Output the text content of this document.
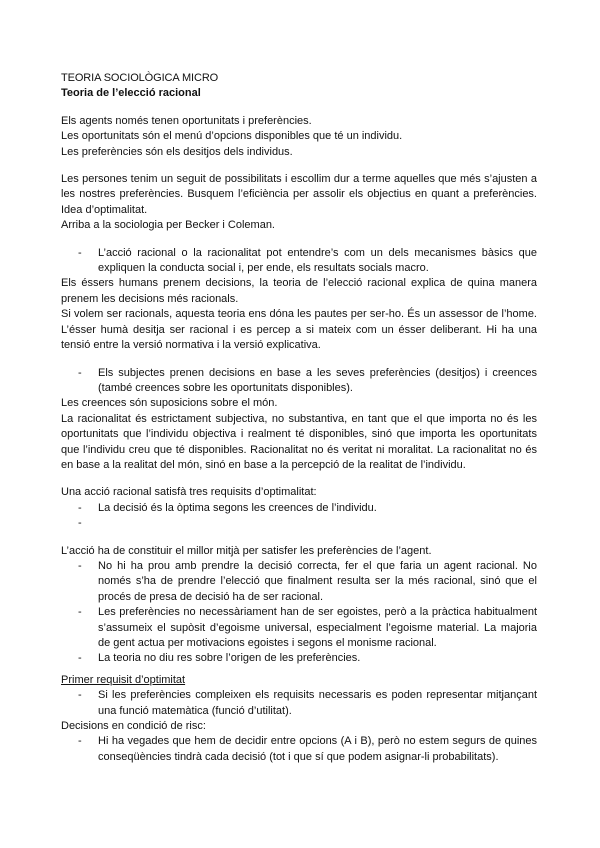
TEORIA SOCIOLÒGICA MICRO

Teoria de l’elecció racional

Els agents només tenen oportunitats i preferències.

Les oportunitats són el menú d’opcions disponibles que té un individu.

Les preferències són els desitjos dels individus.

Les persones tenim un seguit de possibilitats i escollim dur a terme aquelles que més s’ajusten a les nostres preferències. Busquem l’eficiència per assolir els objectius en quant a preferències. Idea d’optimalitat.

Arriba a la sociologia per Becker i Coleman.

- L’acció racional o la racionalitat pot entendre’s com un dels mecanismes bàsics que expliquen la conducta social i, per ende, els resultats socials macro.

Els éssers humans prenem decisions, la teoria de l’elecció racional explica de quina manera prenem les decisions més racionals.

Si volem ser racionals, aquesta teoria ens dóna les pautes per ser-ho. És un assessor de l’home. L’ésser humà desitja ser racional i es percep a si mateix com un ésser deliberant. Hi ha una tensió entre la versió normativa i la versió explicativa.

- Els subjectes prenen decisions en base a les seves preferències (desitjos) i creences (també creences sobre les oportunitats disponibles).

Les creences són suposicions sobre el món.

La racionalitat és estrictament subjectiva, no substantiva, en tant que el que importa no és les oportunitats que l’individu objectiva i realment té disponibles, sinó que importa les oportunitats que l’individu creu que té disponibles. Racionalitat no és veritat ni moralitat. La racionalitat no és en base a la realitat del món, sinó en base a la percepció de la realitat de l’individu.

Una acció racional satisfà tres requisits d’optimalitat:

- La decisió és la òptima segons les creences de l’individu.
-

L’acció ha de constituir el millor mitjà per satisfer les preferències de l’agent.

- No hi ha prou amb prendre la decisió correcta, fer el que faria un agent racional. No només s’ha de prendre l’elecció que finalment resulta ser la més racional, sinó que el procés de presa de decisió ha de ser racional.
- Les preferències no necessàriament han de ser egoistes, però a la pràctica habitualment s’assumeix el supòsit d’egoisme universal, especialment l’egoisme material. La majoria de gent actua per motivacions egoistes i segons el monisme racional.
- La teoria no diu res sobre l’origen de les preferències.

Primer requisit d’optimitat

- Si les preferències compleixen els requisits necessaris es poden representar mitjançant una funció matemàtica (funció d’utilitat).

Decisions en condició de risc:

- Hi ha vegades que hem de decidir entre opcions (A i B), però no estem segurs de quines conseqüències tindrà cada decisió (tot i que sí que podem asignar-li probabilitats).
